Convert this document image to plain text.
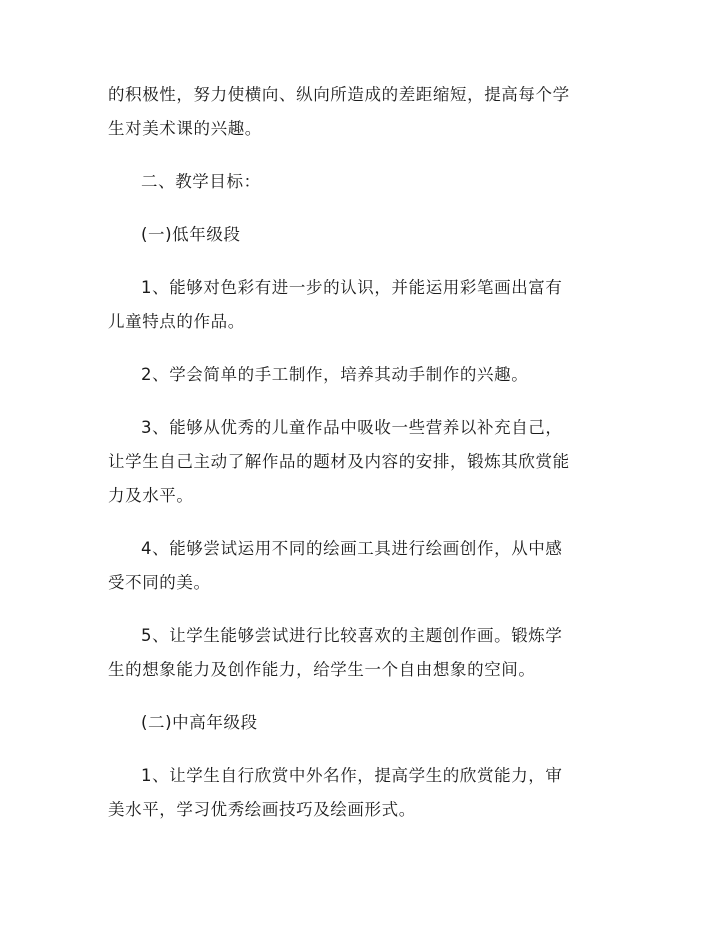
的积极性，努力使横向、纵向所造成的差距缩短，提高每个学
生对美术课的兴趣。

二、教学目标：

(一)低年级段

1、能够对色彩有进一步的认识，并能运用彩笔画出富有
儿童特点的作品。

2、学会简单的手工制作，培养其动手制作的兴趣。

3、能够从优秀的儿童作品中吸收一些营养以补充自己，
让学生自己主动了解作品的题材及内容的安排，锻炼其欣赏能
力及水平。

4、能够尝试运用不同的绘画工具进行绘画创作，从中感
受不同的美。

5、让学生能够尝试进行比较喜欢的主题创作画。锻炼学
生的想象能力及创作能力，给学生一个自由想象的空间。

(二)中高年级段

1、让学生自行欣赏中外名作，提高学生的欣赏能力，审
美水平，学习优秀绘画技巧及绘画形式。
